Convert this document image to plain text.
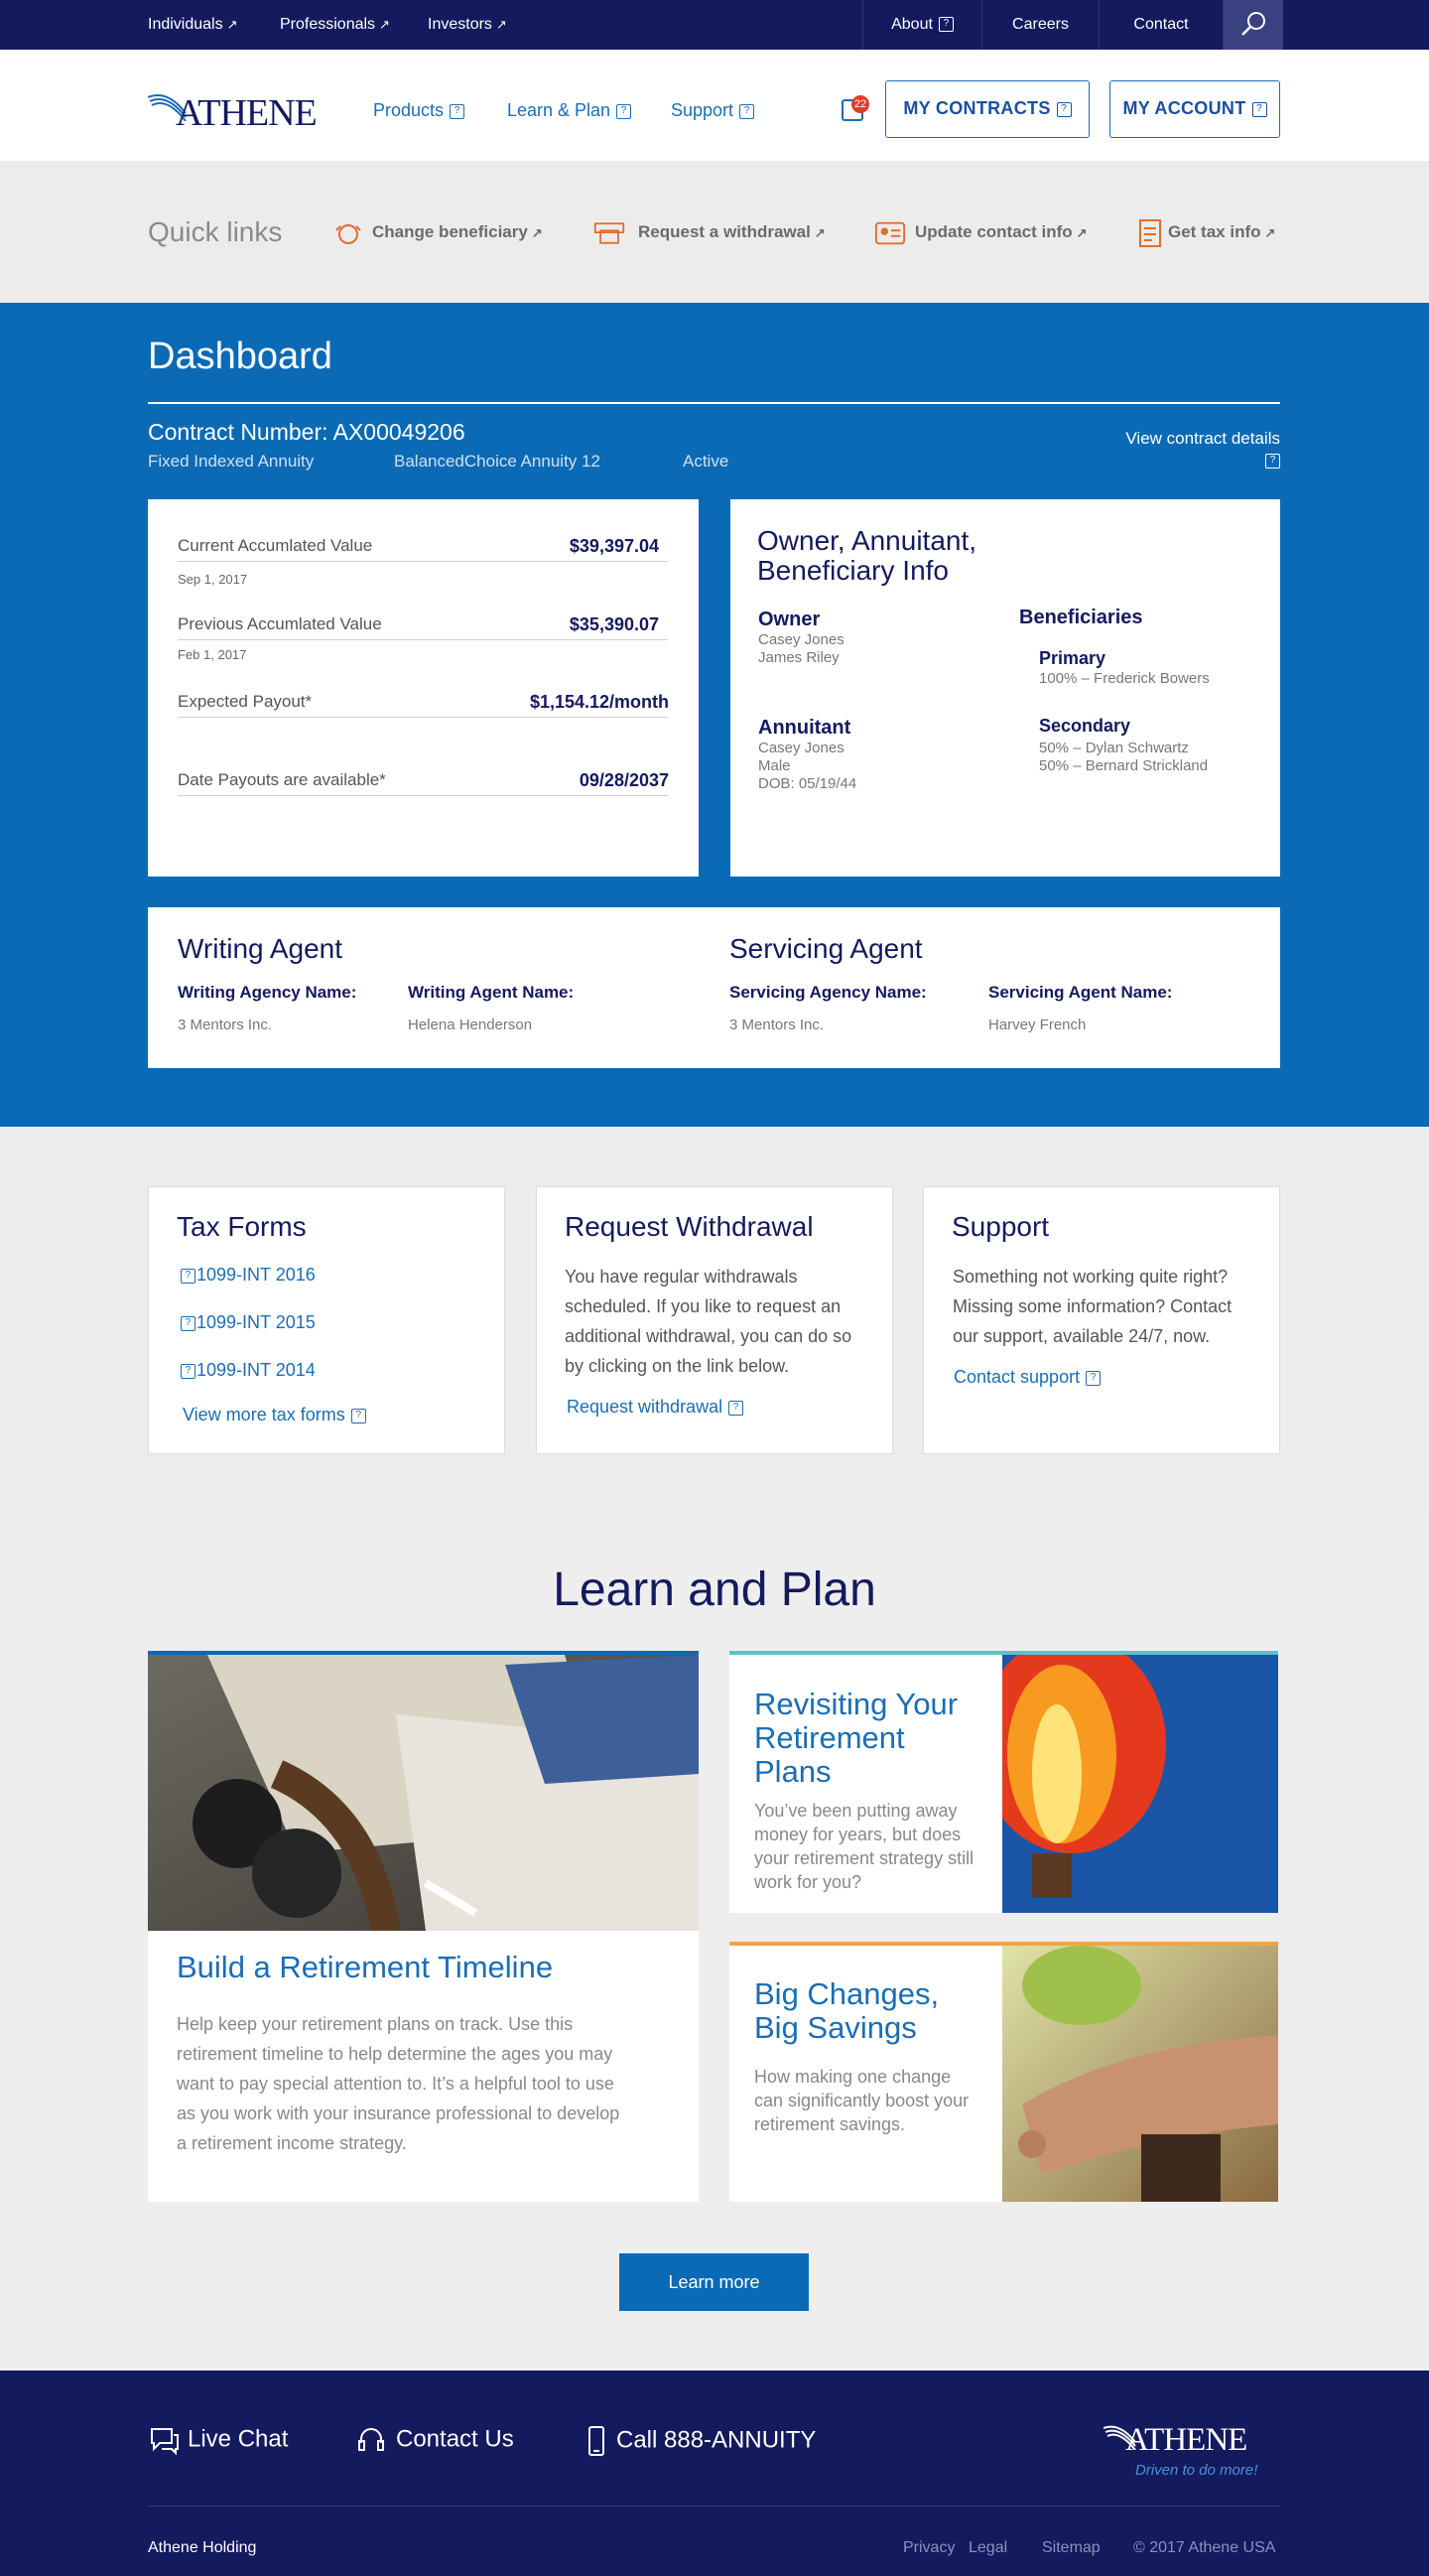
Individuals ↗	Professionals ↗ Investors ↗	About ?	Careers	Contact
ATHENE	Products ?	Learn & Plan ? Support ?
22	MY CONTRACTS ?	MY ACCOUNT ?
Quick links	Change beneficiary ↗	Request a withdrawal ↗	Update contact info ↗	Get tax info ↗
Dashboard
Contract Number: AX00049206
Fixed Indexed Annuity	BalancedChoice Annuity 12	Active
View contract details
?
Current Accumlated Value	$39,397.04
Sep 1, 2017
Previous Accumlated Value	$35,390.07
Feb 1, 2017
Expected Payout*	$1,154.12/month
Date Payouts are available*	09/28/2037
Owner, Annuitant,
Beneficiary Info
Owner
Casey Jones
James Riley
Annuitant
Casey Jones
Male
DOB: 05/19/44
Beneficiaries
Primary
100% – Frederick Bowers
Secondary
50% – Dylan Schwartz
50% – Bernard Strickland
Writing Agent
Writing Agency Name:
3 Mentors Inc.
Writing Agent Name:
Helena Henderson
Servicing Agent
Servicing Agency Name:
3 Mentors Inc.
Servicing Agent Name:
Harvey French
Tax Forms
? 1099-INT 2016
? 1099-INT 2015
? 1099-INT 2014
View more tax forms ?
Request Withdrawal
You have regular withdrawals scheduled. If you like to request an additional withdrawal, you can do so by clicking on the link below.
Request withdrawal ?
Support
Something not working quite right? Missing some information? Contact our support, available 24/7, now.
Contact support ?
Learn and Plan
Build a Retirement Timeline
Help keep your retirement plans on track. Use this retirement timeline to help determine the ages you may want to pay special attention to. It’s a helpful tool to use as you work with your insurance professional to develop a retirement income strategy.
Revisiting Your Retirement Plans
You’ve been putting away money for years, but does your retirement strategy still work for you?
Big Changes, Big Savings
How making one change can significantly boost your retirement savings.
Learn more
Live Chat	Contact Us	Call 888-ANNUITY	ATHENE
Driven to do more!
Athene Holding	Privacy Legal Sitemap © 2017 Athene USA
